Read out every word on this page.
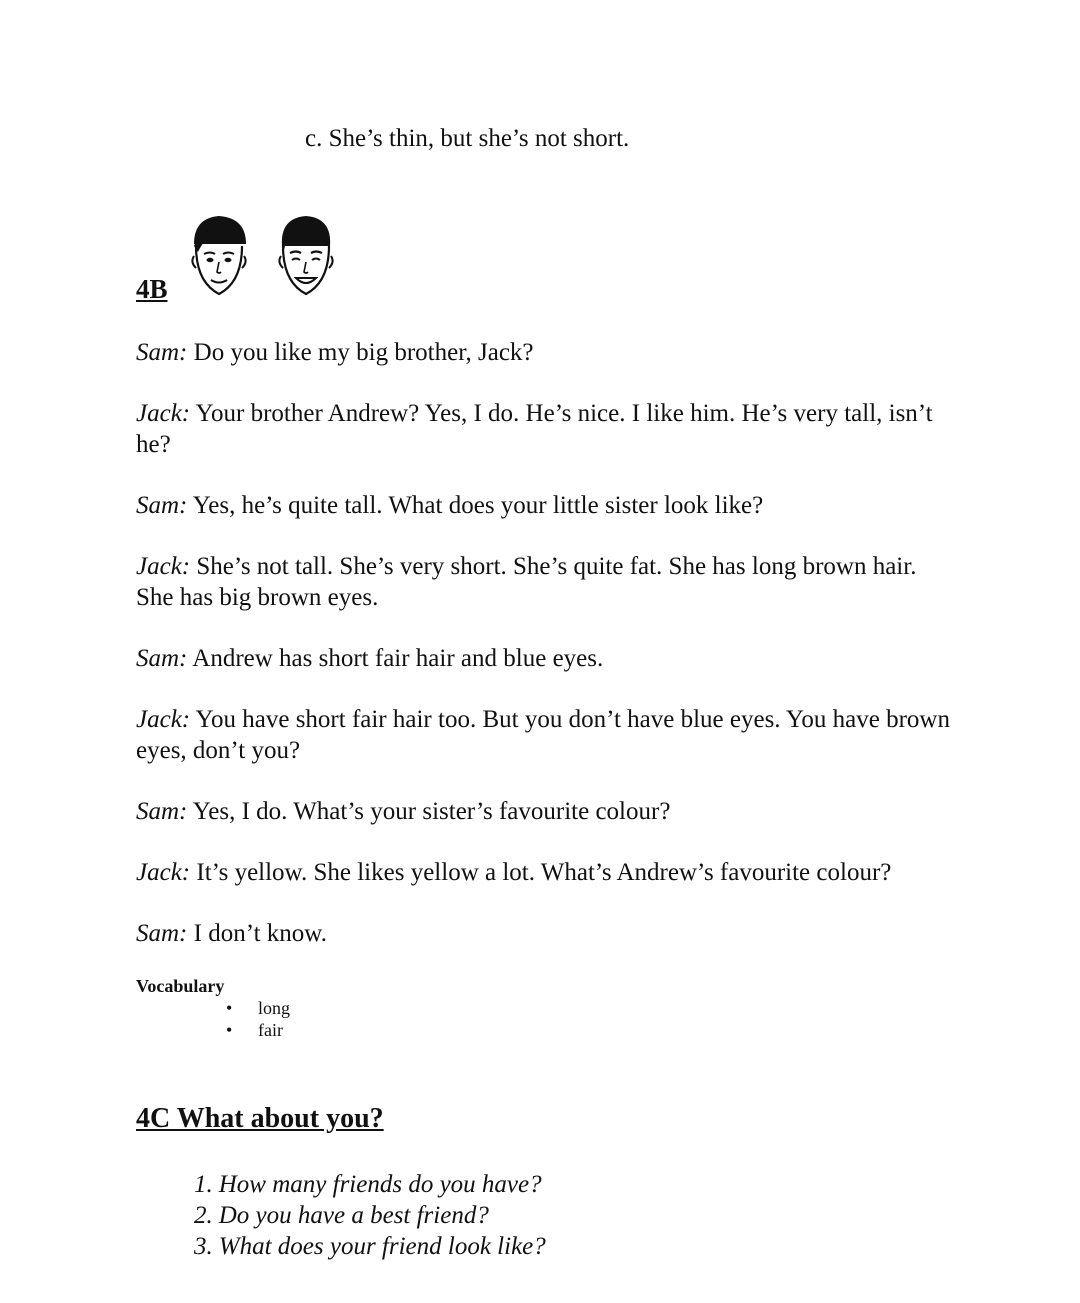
c. She’s thin, but she’s not short.
4B

Sam: Do you like my big brother, Jack?

Jack: Your brother Andrew? Yes, I do. He’s nice. I like him. He’s very tall, isn’t he?

Sam: Yes, he’s quite tall. What does your little sister look like?

Jack: She’s not tall. She’s very short. She’s quite fat. She has long brown hair. She has big brown eyes.

Sam: Andrew has short fair hair and blue eyes.

Jack: You have short fair hair too. But you don’t have blue eyes. You have brown eyes, don’t you?

Sam: Yes, I do. What’s your sister’s favourite colour?

Jack: It’s yellow. She likes yellow a lot. What’s Andrew’s favourite colour?

Sam: I don’t know.

Vocabulary
• long
• fair
4C What about you?
1. How many friends do you have?
2. Do you have a best friend?
3. What does your friend look like?
